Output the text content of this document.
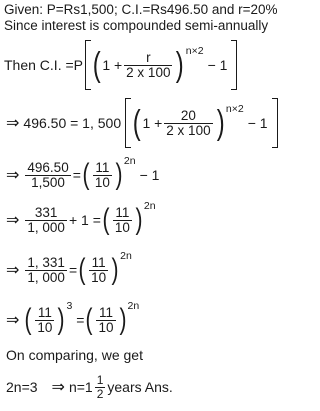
Given: P=Rs1,500; C.I.=Rs496.50 and r=20%
Since interest is compounded semi-annually
Then C.I. =P ( $1 + \frac{r}{2 x 100} )^{n\times 2}$
− 1
⇒ 496.50 = 1, 500 ( $1 + \frac{20}{2 x 100} )^{n\times 2}$
− 1
⇒ $\frac{496.50}{1,500}$ = ( $\frac{11}{10} )^{2n}$
− 1
⇒ $\frac{331}{1, 000} + 1$ = ( $\frac{11}{10} )^{2n}$
⇒ $\frac{1, 331}{1, 000}$ = ( $\frac{11}{10} )^{2n}$
⇒ ( $\frac{11}{10} )^3$
= ( $\frac{11}{10} )^{2n}$
On comparing, we get
2n=3 ⇒ $n=1 \frac{1}{2}$ years Ans.
